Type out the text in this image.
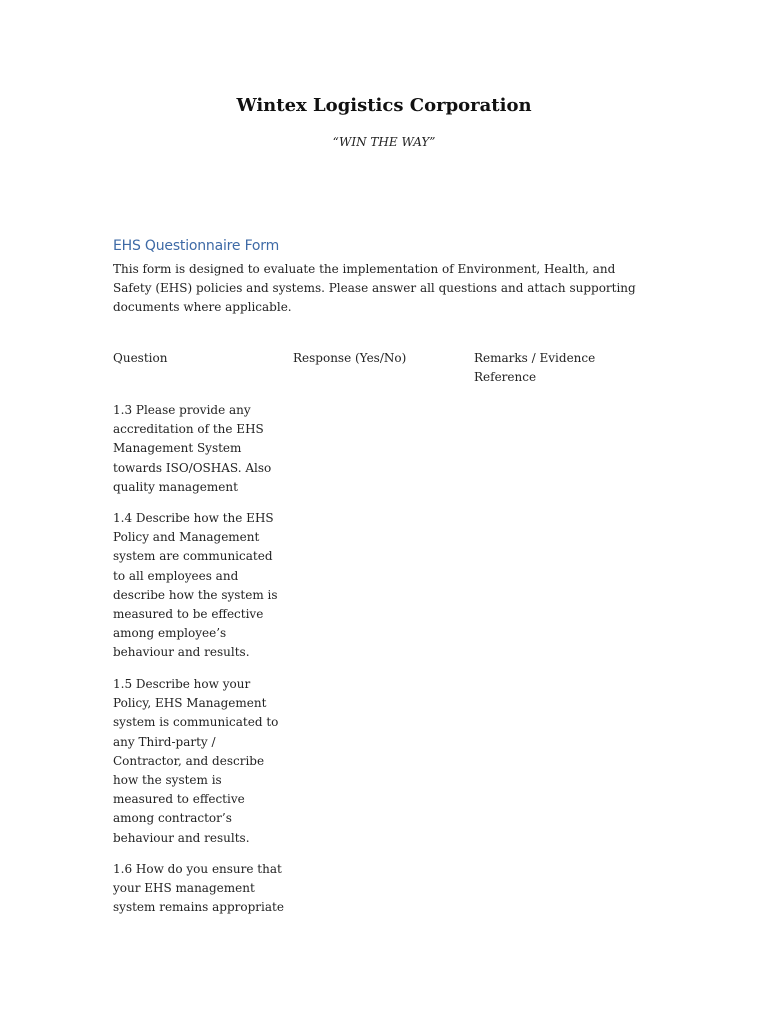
Wintex Logistics Corporation
“WIN THE WAY”
EHS Questionnaire Form
This form is designed to evaluate the implementation of Environment, Health, and Safety (EHS) policies and systems. Please answer all questions and attach supporting documents where applicable.
Question	Response (Yes/No)	Remarks / Evidence Reference
1.3 Please provide any accreditation of the EHS Management System towards ISO/OSHAS. Also quality management
1.4 Describe how the EHS Policy and Management system are communicated to all employees and describe how the system is measured to be effective among employee’s behaviour and results.
1.5 Describe how your Policy, EHS Management system is communicated to any Third-party / Contractor, and describe how the system is measured to effective among contractor’s behaviour and results.
1.6 How do you ensure that your EHS management system remains appropriate
